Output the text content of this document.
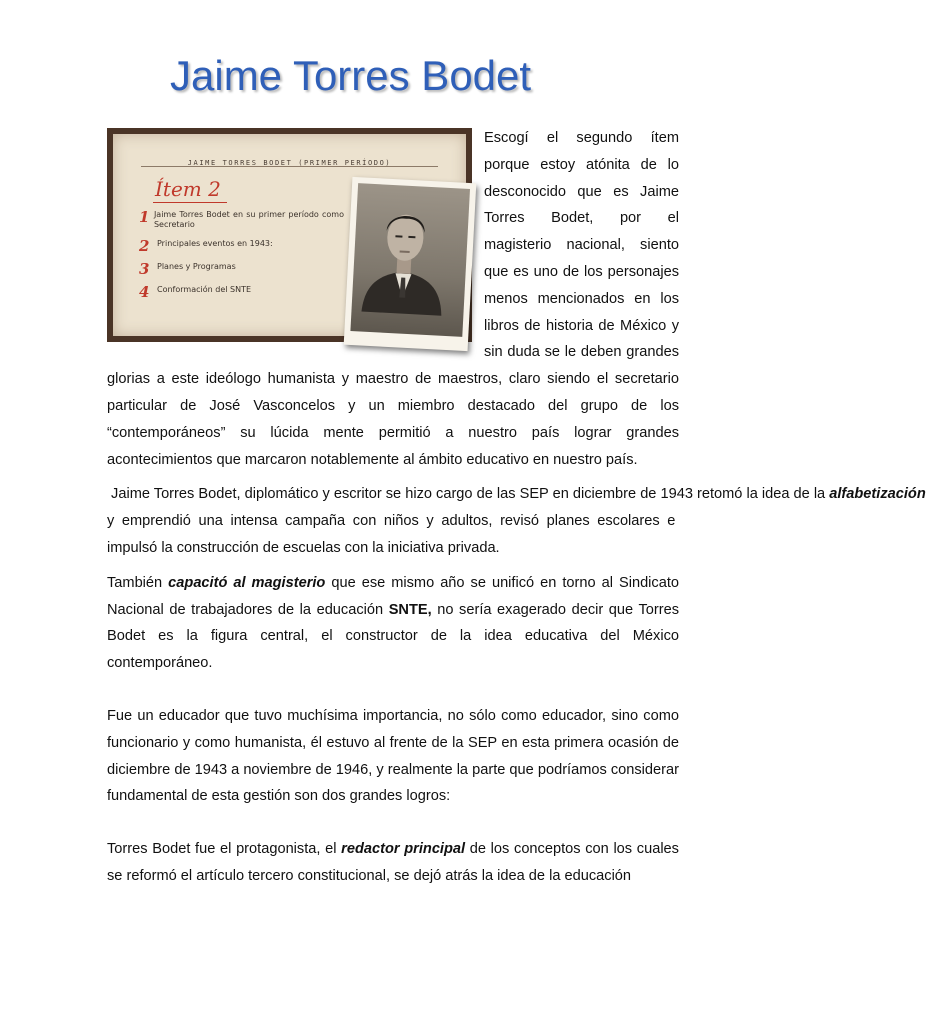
Jaime Torres Bodet
JAIME TORRES BODET (PRIMER PERÍODO)
Ítem 2
1 Jaime Torres Bodet en su primer período como Secretario
2 Principales eventos en 1943:
3 Planes y Programas
4 Conformación del SNTE

Escogí el segundo ítem porque estoy atónita de lo desconocido que es Jaime Torres Bodet, por el magisterio nacional, siento que es uno de los personajes menos mencionados en los libros de historia de México y sin duda se le deben grandes glorias a este ideólogo humanista y maestro de maestros, claro siendo el secretario particular de José Vasconcelos y un miembro destacado del grupo de los “contemporáneos” su lúcida mente permitió a nuestro país lograr grandes acontecimientos que marcaron notablemente al ámbito educativo en nuestro país.

Jaime Torres Bodet, diplomático y escritor se hizo cargo de las SEP en diciembre de 1943 retomó la idea de la alfabetización y emprendió una intensa campaña con niños y adultos, revisó planes escolares e impulsó la construcción de escuelas con la iniciativa privada.

También capacitó al magisterio que ese mismo año se unificó en torno al Sindicato Nacional de trabajadores de la educación SNTE, no sería exagerado decir que Torres Bodet es la figura central, el constructor de la idea educativa del México contemporáneo.

Fue un educador que tuvo muchísima importancia, no sólo como educador, sino como funcionario y como humanista, él estuvo al frente de la SEP en esta primera ocasión de diciembre de 1943 a noviembre de 1946, y realmente la parte que podríamos considerar fundamental de esta gestión son dos grandes logros:

Torres Bodet fue el protagonista, el redactor principal de los conceptos con los cuales se reformó el artículo tercero constitucional, se dejó atrás la idea de la educación
